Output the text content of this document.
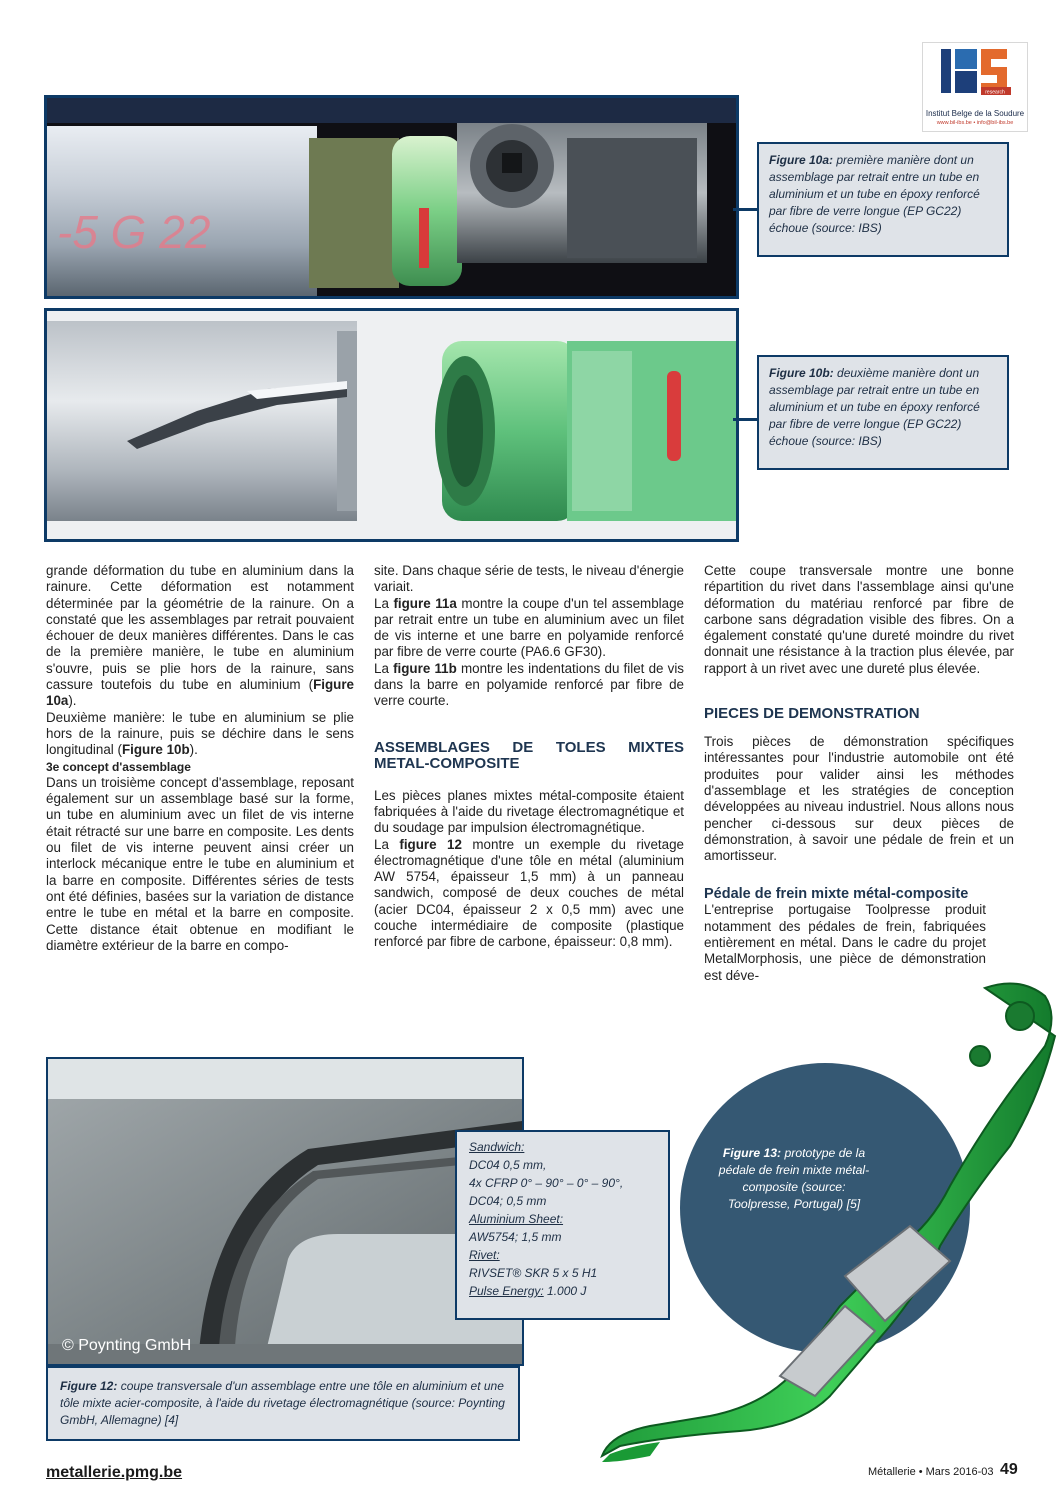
research
Institut Belge de la Soudure
www.bil-ibs.be • info@bil-ibs.be
-5 G 22
Figure 10a: première manière dont un assemblage par retrait entre un tube en aluminium et un tube en époxy renforcé par fibre de verre longue (EP GC22) échoue (source: IBS)
Figure 10b: deuxième manière dont un assemblage par retrait entre un tube en aluminium et un tube en époxy renforcé par fibre de verre longue (EP GC22) échoue (source: IBS)

grande déformation du tube en aluminium dans la rainure. Cette déformation est notamment déterminée par la géométrie de la rainure. On a constaté que les assemblages par retrait pouvaient échouer de deux manières différentes. Dans le cas de la première manière, le tube en aluminium s'ouvre, puis se plie hors de la rainure, sans cassure toutefois du tube en aluminium (Figure 10a).

Deuxième manière: le tube en aluminium se plie hors de la rainure, puis se déchire dans le sens longitudinal (Figure 10b).

3e concept d'assemblage

Dans un troisième concept d'assemblage, reposant également sur un assemblage basé sur la forme, un tube en aluminium avec un filet de vis interne était rétracté sur une barre en composite. Les dents ou filet de vis interne peuvent ainsi créer un interlock mécanique entre le tube en aluminium et la barre en composite. Différentes séries de tests ont été définies, basées sur la variation de distance entre le tube en métal et la barre en composite. Cette distance était obtenue en modifiant le diamètre extérieur de la barre en compo-

site. Dans chaque série de tests, le niveau d'énergie variait.

La figure 11a montre la coupe d'un tel assemblage par retrait entre un tube en aluminium avec un filet de vis interne et une barre en polyamide renforcé par fibre de verre courte (PA6.6 GF30).

La figure 11b montre les indentations du filet de vis dans la barre en polyamide renforcé par fibre de verre courte.

ASSEMBLAGES DE TOLES MIXTES METAL-COMPOSITE

Les pièces planes mixtes métal-composite étaient fabriquées à l'aide du rivetage électromagnétique et du soudage par impulsion électromagnétique.

La figure 12 montre un exemple du rivetage électromagnétique d'une tôle en métal (aluminium AW 5754, épaisseur 1,5 mm) à un panneau sandwich, composé de deux couches de métal (acier DC04, épaisseur 2 x 0,5 mm) avec une couche intermédiaire de composite (plastique renforcé par fibre de carbone, épaisseur: 0,8 mm).

Cette coupe transversale montre une bonne répartition du rivet dans l'assemblage ainsi qu'une déformation du matériau renforcé par fibre de carbone sans dégradation visible des fibres. On a également constaté qu'une dureté moindre du rivet donnait une résistance à la traction plus élevée, par rapport à un rivet avec une dureté plus élevée.

PIECES DE DEMONSTRATION

Trois pièces de démonstration spécifiques intéressantes pour l'industrie automobile ont été produites pour valider ainsi les méthodes d'assemblage et les stratégies de conception développées au niveau industriel. Nous allons nous pencher ci-dessous sur deux pièces de démonstration, à savoir une pédale de frein et un amortisseur.

Pédale de frein mixte métal-composite

L'entreprise portugaise Toolpresse produit notamment des pédales de frein, fabriquées entièrement en métal. Dans le cadre du projet MetalMorphosis, une pièce de démonstration est déve-

© Poynting GmbH
Sandwich:
DC04 0,5 mm,
4x CFRP 0° – 90° – 0° – 90°,
DC04; 0,5 mm
Aluminium Sheet:
AW5754; 1,5 mm
Rivet:
RIVSET® SKR 5 x 5 H1
Pulse Energy: 1.000 J
Figure 12: coupe transversale d'un assemblage entre une tôle en aluminium et une tôle mixte acier-composite, à l'aide du rivetage électromagnétique (source: Poynting GmbH, Allemagne) [4]
Figure 13: prototype de la pédale de frein mixte métal-composite (source: Toolpresse, Portugal) [5]
metallerie.pmg.be	Métallerie • Mars 2016-03 49
